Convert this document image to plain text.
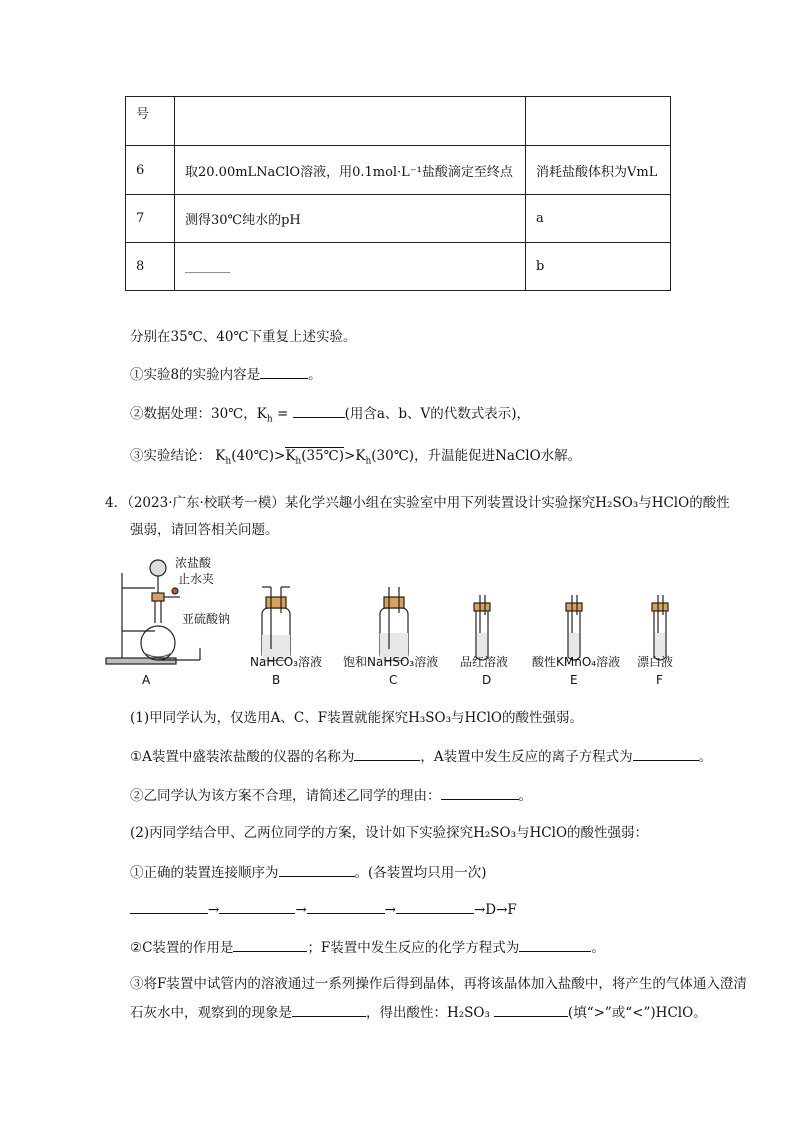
号		
6	取20.00mLNaClO溶液，用0.1mol·L⁻¹盐酸滴定至终点	消耗盐酸体积为VmL
7	测得30℃纯水的pH	a
8	_______	b
分别在35℃、40℃下重复上述实验。
①实验8的实验内容是	。
②数据处理：30℃，$K_h$ =	(用含a、b、V的代数式表示)，
③实验结论： $K_h(40℃)>K_h(35℃)>K_h(30℃)$，升温能促进NaClO水解。
4．（2023·广东·校联考一模）某化学兴趣小组在实验室中用下列装置设计实验探究H₂SO₃与HClO的酸性
强弱，请回答相关问题。
浓盐酸
止水夹
亚硫酸钠
NaHCO₃溶液 饱和NaHSO₃溶液 品红溶液 酸性KMnO₄溶液 漂白液
A	B	C	D	E	F
(1)甲同学认为，仅选用A、C、F装置就能探究H₃SO₃与HClO的酸性强弱。
①A装置中盛装浓盐酸的仪器的名称为	，A装置中发生反应的离子方程式为	。
②乙同学认为该方案不合理，请简述乙同学的理由：	。
(2)丙同学结合甲、乙两位同学的方案，设计如下实验探究H₂SO₃与HClO的酸性强弱：
①正确的装置连接顺序为	。(各装置均只用一次)
→	→	→	→D→F
②C装置的作用是	；F装置中发生反应的化学方程式为	。
③将F装置中试管内的溶液通过一系列操作后得到晶体，再将该晶体加入盐酸中，将产生的气体通入澄清
石灰水中，观察到的现象是	，得出酸性：H₂SO₃	(填“>”或“<”)HClO。
